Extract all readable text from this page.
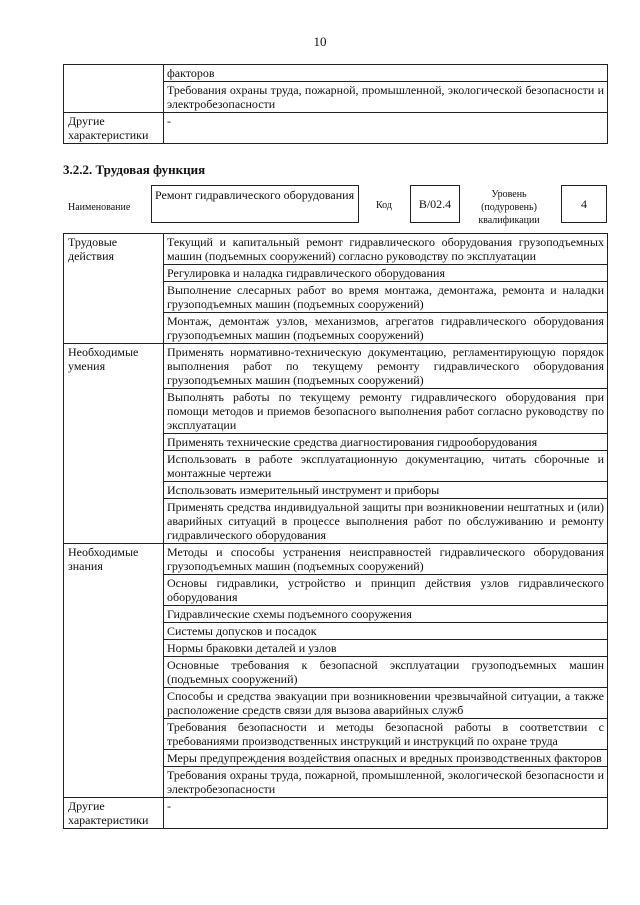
10
	факторов
	Требования охраны труда, пожарной, промышленной, экологической безопасности и электробезопасности
Другие характеристики	-
3.2.2. Трудовая функция
Наименование
Ремонт гидравлического оборудования
Код В/02.4
Уровень (подуровень) квалификации
4
Трудовые действия	Текущий и капитальный ремонт гидравлического оборудования грузоподъемных машин (подъемных сооружений) согласно руководству по эксплуатации
	Регулировка и наладка гидравлического оборудования
	Выполнение слесарных работ во время монтажа, демонтажа, ремонта и наладки грузоподъемных машин (подъемных сооружений)
	Монтаж, демонтаж узлов, механизмов, агрегатов гидравлического оборудования грузоподъемных машин (подъемных сооружений)
Необходимые умения	Применять нормативно-техническую документацию, регламентирующую порядок выполнения работ по текущему ремонту гидравлического оборудования грузоподъемных машин (подъемных сооружений)
	Выполнять работы по текущему ремонту гидравлического оборудования при помощи методов и приемов безопасного выполнения работ согласно руководству по эксплуатации
	Применять технические средства диагностирования гидрооборудования
	Использовать в работе эксплуатационную документацию, читать сборочные и монтажные чертежи
	Использовать измерительный инструмент и приборы
	Применять средства индивидуальной защиты при возникновении нештатных и (или) аварийных ситуаций в процессе выполнения работ по обслуживанию и ремонту гидравлического оборудования
Необходимые знания	Методы и способы устранения неисправностей гидравлического оборудования грузоподъемных машин (подъемных сооружений)
	Основы гидравлики, устройство и принцип действия узлов гидравлического оборудования
	Гидравлические схемы подъемного сооружения
	Системы допусков и посадок
	Нормы браковки деталей и узлов
	Основные требования к безопасной эксплуатации грузоподъемных машин (подъемных сооружений)
	Способы и средства эвакуации при возникновении чрезвычайной ситуации, а также расположение средств связи для вызова аварийных служб
	Требования безопасности и методы безопасной работы в соответствии с требованиями производственных инструкций и инструкций по охране труда
	Меры предупреждения воздействия опасных и вредных производственных факторов
	Требования охраны труда, пожарной, промышленной, экологической безопасности и электробезопасности
Другие характеристики	-
